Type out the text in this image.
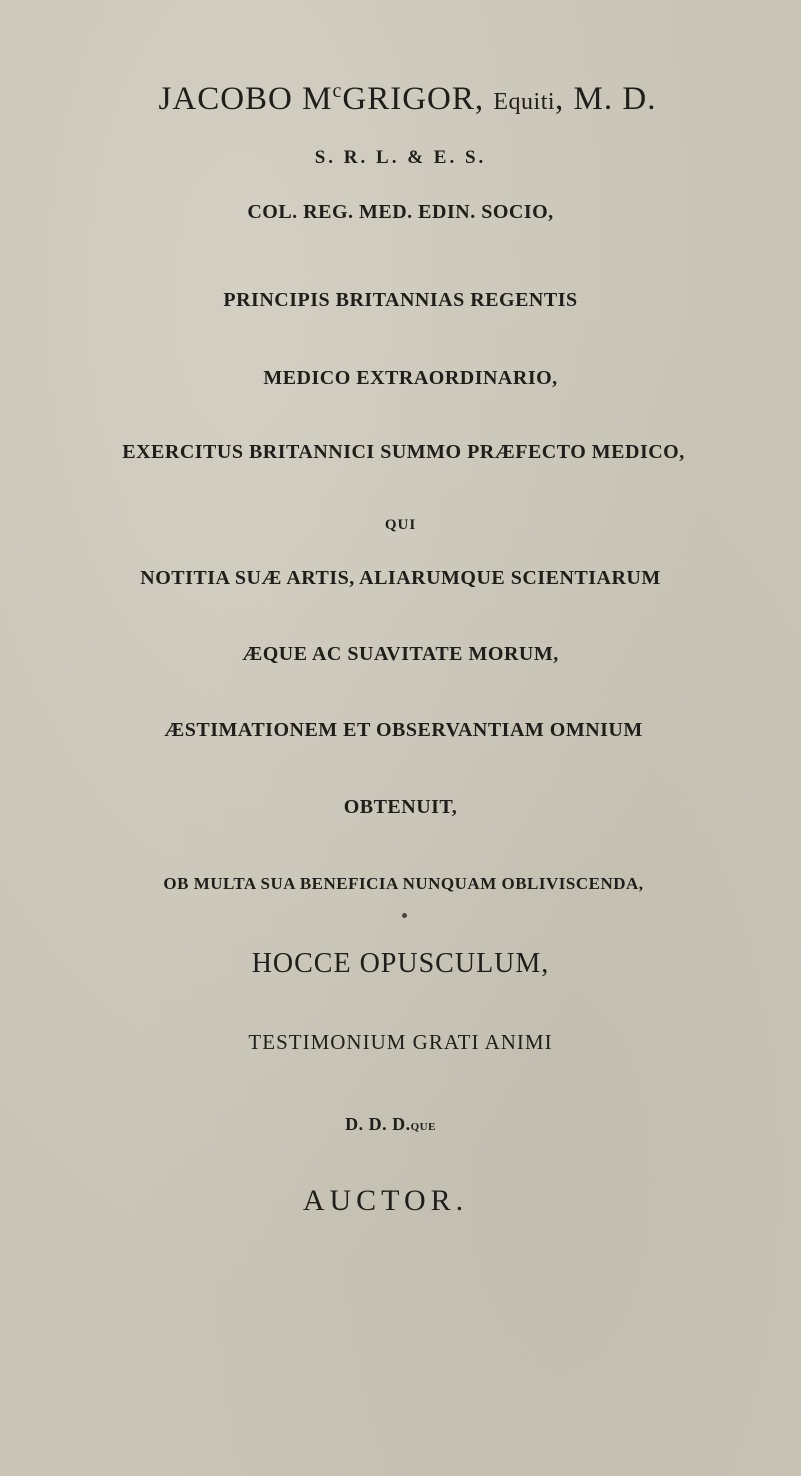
JACOBO $M^cGRIGOR$, Equiti, M. D.
S. R. L. & E. S.
COL. REG. MED. EDIN. SOCIO,
PRINCIPIS BRITANNIAS REGENTIS
MEDICO EXTRAORDINARIO,
EXERCITUS BRITANNICI SUMMO PRÆFECTO MEDICO,
QUI
NOTITIA SUÆ ARTIS, ALIARUMQUE SCIENTIARUM
ÆQUE AC SUAVITATE MORUM,
ÆSTIMATIONEM ET OBSERVANTIAM OMNIUM
OBTENUIT,
OB MULTA SUA BENEFICIA NUNQUAM OBLIVISCENDA,
HOCCE OPUSCULUM,
TESTIMONIUM GRATI ANIMI
D. D. D.QUE
AUCTOR.
